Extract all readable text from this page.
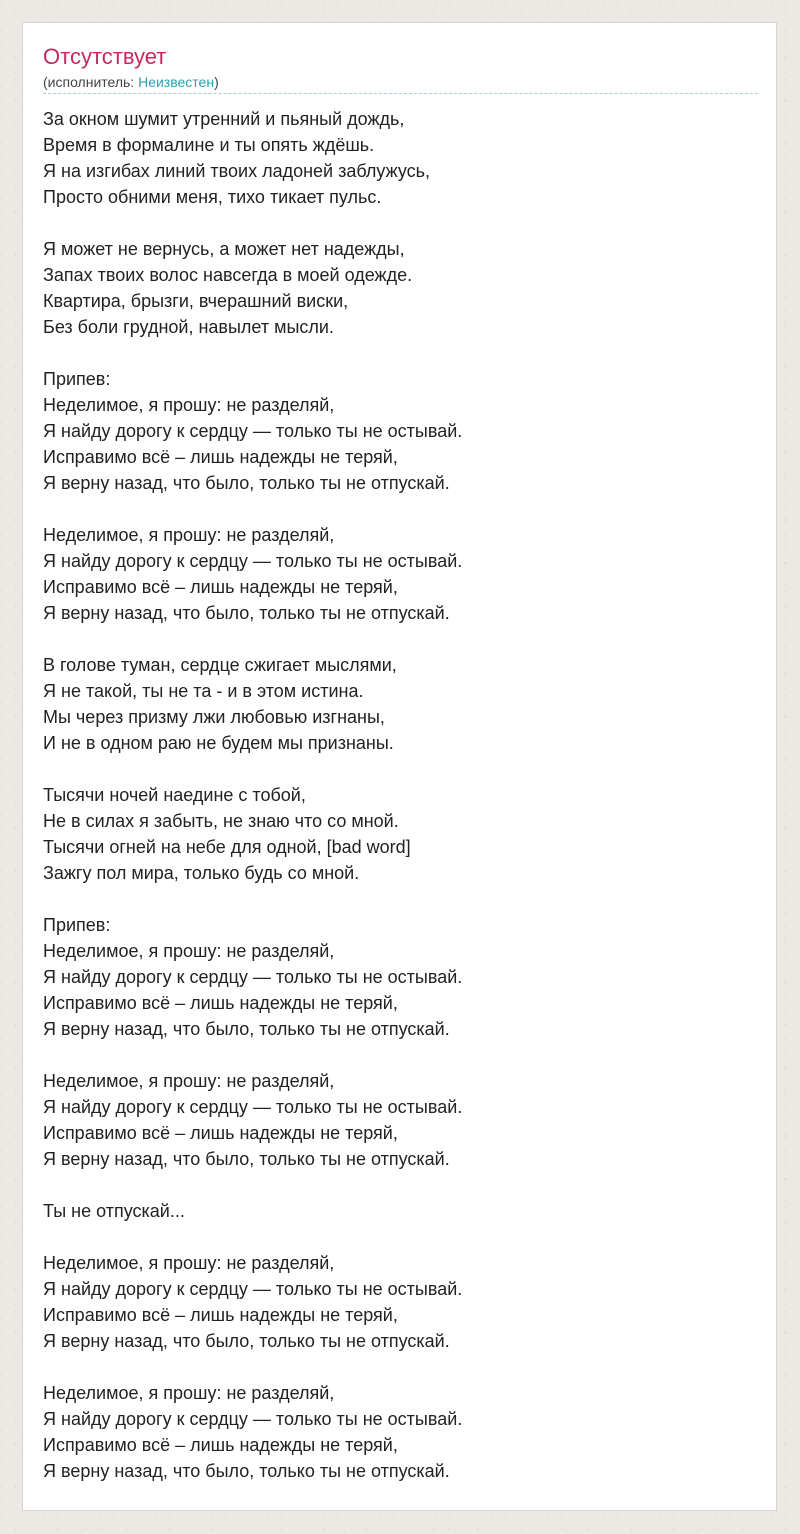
Отсутствует
(исполнитель: Неизвестен)
За окном шумит утренний и пьяный дождь,
Время в формалине и ты опять ждёшь.
Я на изгибах линий твоих ладоней заблужусь,
Просто обними меня, тихо тикает пульс.
Я может не вернусь, а может нет надежды,
Запах твоих волос навсегда в моей одежде.
Квартира, брызги, вчерашний виски,
Без боли грудной, навылет мысли.
Припев:
Неделимое, я прошу: не разделяй,
Я найду дорогу к сердцу — только ты не остывай.
Исправимо всё – лишь надежды не теряй,
Я верну назад, что было, только ты не отпускай.
Неделимое, я прошу: не разделяй,
Я найду дорогу к сердцу — только ты не остывай.
Исправимо всё – лишь надежды не теряй,
Я верну назад, что было, только ты не отпускай.
В голове туман, сердце сжигает мыслями,
Я не такой, ты не та - и в этом истина.
Мы через призму лжи любовью изгнаны,
И не в одном раю не будем мы признаны.
Тысячи ночей наедине с тобой,
Не в силах я забыть, не знаю что со мной.
Тысячи огней на небе для одной, [bad word]
Зажгу пол мира, только будь со мной.
Припев:
Неделимое, я прошу: не разделяй,
Я найду дорогу к сердцу — только ты не остывай.
Исправимо всё – лишь надежды не теряй,
Я верну назад, что было, только ты не отпускай.
Неделимое, я прошу: не разделяй,
Я найду дорогу к сердцу — только ты не остывай.
Исправимо всё – лишь надежды не теряй,
Я верну назад, что было, только ты не отпускай.
Ты не отпускай...
Неделимое, я прошу: не разделяй,
Я найду дорогу к сердцу — только ты не остывай.
Исправимо всё – лишь надежды не теряй,
Я верну назад, что было, только ты не отпускай.
Неделимое, я прошу: не разделяй,
Я найду дорогу к сердцу — только ты не остывай.
Исправимо всё – лишь надежды не теряй,
Я верну назад, что было, только ты не отпускай.
